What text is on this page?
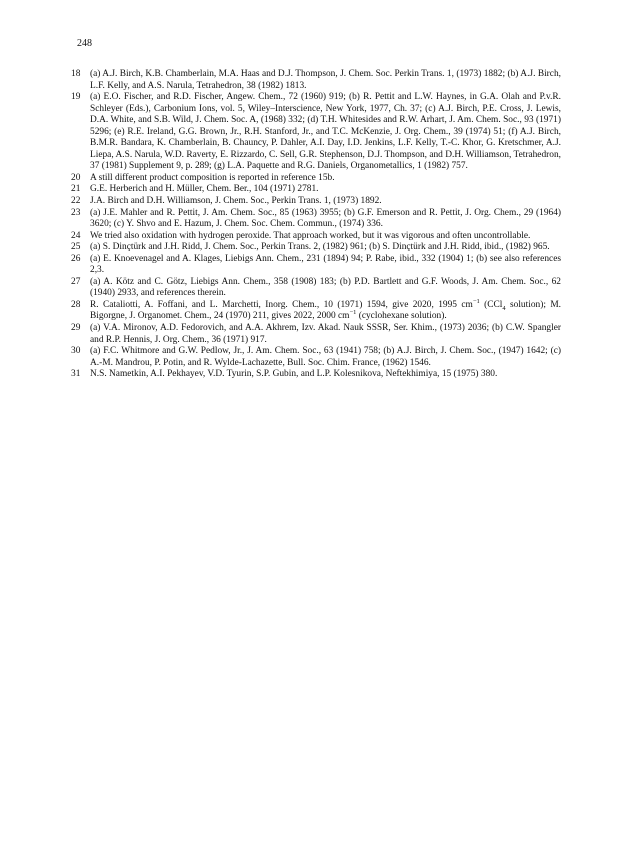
248
18	(a) A.J. Birch, K.B. Chamberlain, M.A. Haas and D.J. Thompson, J. Chem. Soc. Perkin Trans. 1, (1973) 1882; (b) A.J. Birch, L.F. Kelly, and A.S. Narula, Tetrahedron, 38 (1982) 1813.
19	(a) E.O. Fischer, and R.D. Fischer, Angew. Chem., 72 (1960) 919; (b) R. Pettit and L.W. Haynes, in G.A. Olah and P.v.R. Schleyer (Eds.), Carbonium Ions, vol. 5, Wiley–Interscience, New York, 1977, Ch. 37; (c) A.J. Birch, P.E. Cross, J. Lewis, D.A. White, and S.B. Wild, J. Chem. Soc. A, (1968) 332; (d) T.H. Whitesides and R.W. Arhart, J. Am. Chem. Soc., 93 (1971) 5296; (e) R.E. Ireland, G.G. Brown, Jr., R.H. Stanford, Jr., and T.C. McKenzie, J. Org. Chem., 39 (1974) 51; (f) A.J. Birch, B.M.R. Bandara, K. Chamberlain, B. Chauncy, P. Dahler, A.I. Day, I.D. Jenkins, L.F. Kelly, T.-C. Khor, G. Kretschmer, A.J. Liepa, A.S. Narula, W.D. Raverty, E. Rizzardo, C. Sell, G.R. Stephenson, D.J. Thompson, and D.H. Williamson, Tetrahedron, 37 (1981) Supplement 9, p. 289; (g) L.A. Paquette and R.G. Daniels, Organometallics, 1 (1982) 757.
20	A still different product composition is reported in reference 15b.
21	G.E. Herberich and H. Müller, Chem. Ber., 104 (1971) 2781.
22	J.A. Birch and D.H. Williamson, J. Chem. Soc., Perkin Trans. 1, (1973) 1892.
23	(a) J.E. Mahler and R. Pettit, J. Am. Chem. Soc., 85 (1963) 3955; (b) G.F. Emerson and R. Pettit, J. Org. Chem., 29 (1964) 3620; (c) Y. Shvo and E. Hazum, J. Chem. Soc. Chem. Commun., (1974) 336.
24	We tried also oxidation with hydrogen peroxide. That approach worked, but it was vigorous and often uncontrollable.
25	(a) S. Dinçtürk and J.H. Ridd, J. Chem. Soc., Perkin Trans. 2, (1982) 961; (b) S. Dinçtürk and J.H. Ridd, ibid., (1982) 965.
26	(a) E. Knoevenagel and A. Klages, Liebigs Ann. Chem., 231 (1894) 94; P. Rabe, ibid., 332 (1904) 1; (b) see also references 2,3.
27	(a) A. Kötz and C. Götz, Liebigs Ann. Chem., 358 (1908) 183; (b) P.D. Bartlett and G.F. Woods, J. Am. Chem. Soc., 62 (1940) 2933, and references therein.
28	R. Cataliotti, A. Foffani, and L. Marchetti, Inorg. Chem., 10 (1971) 1594, give 2020, 1995 $cm^{-1}$ (CCl$_4$ solution); M. Bigorgne, J. Organomet. Chem., 24 (1970) 211, gives 2022, 2000 $cm^{-1}$ (cyclohexane solution).
29	(a) V.A. Mironov, A.D. Fedorovich, and A.A. Akhrem, Izv. Akad. Nauk SSSR, Ser. Khim., (1973) 2036; (b) C.W. Spangler and R.P. Hennis, J. Org. Chem., 36 (1971) 917.
30	(a) F.C. Whitmore and G.W. Pedlow, Jr., J. Am. Chem. Soc., 63 (1941) 758; (b) A.J. Birch, J. Chem. Soc., (1947) 1642; (c) A.-M. Mandrou, P. Potin, and R. Wylde-Lachazette, Bull. Soc. Chim. France, (1962) 1546.
31	N.S. Nametkin, A.I. Pekhayev, V.D. Tyurin, S.P. Gubin, and L.P. Kolesnikova, Neftekhimiya, 15 (1975) 380.
